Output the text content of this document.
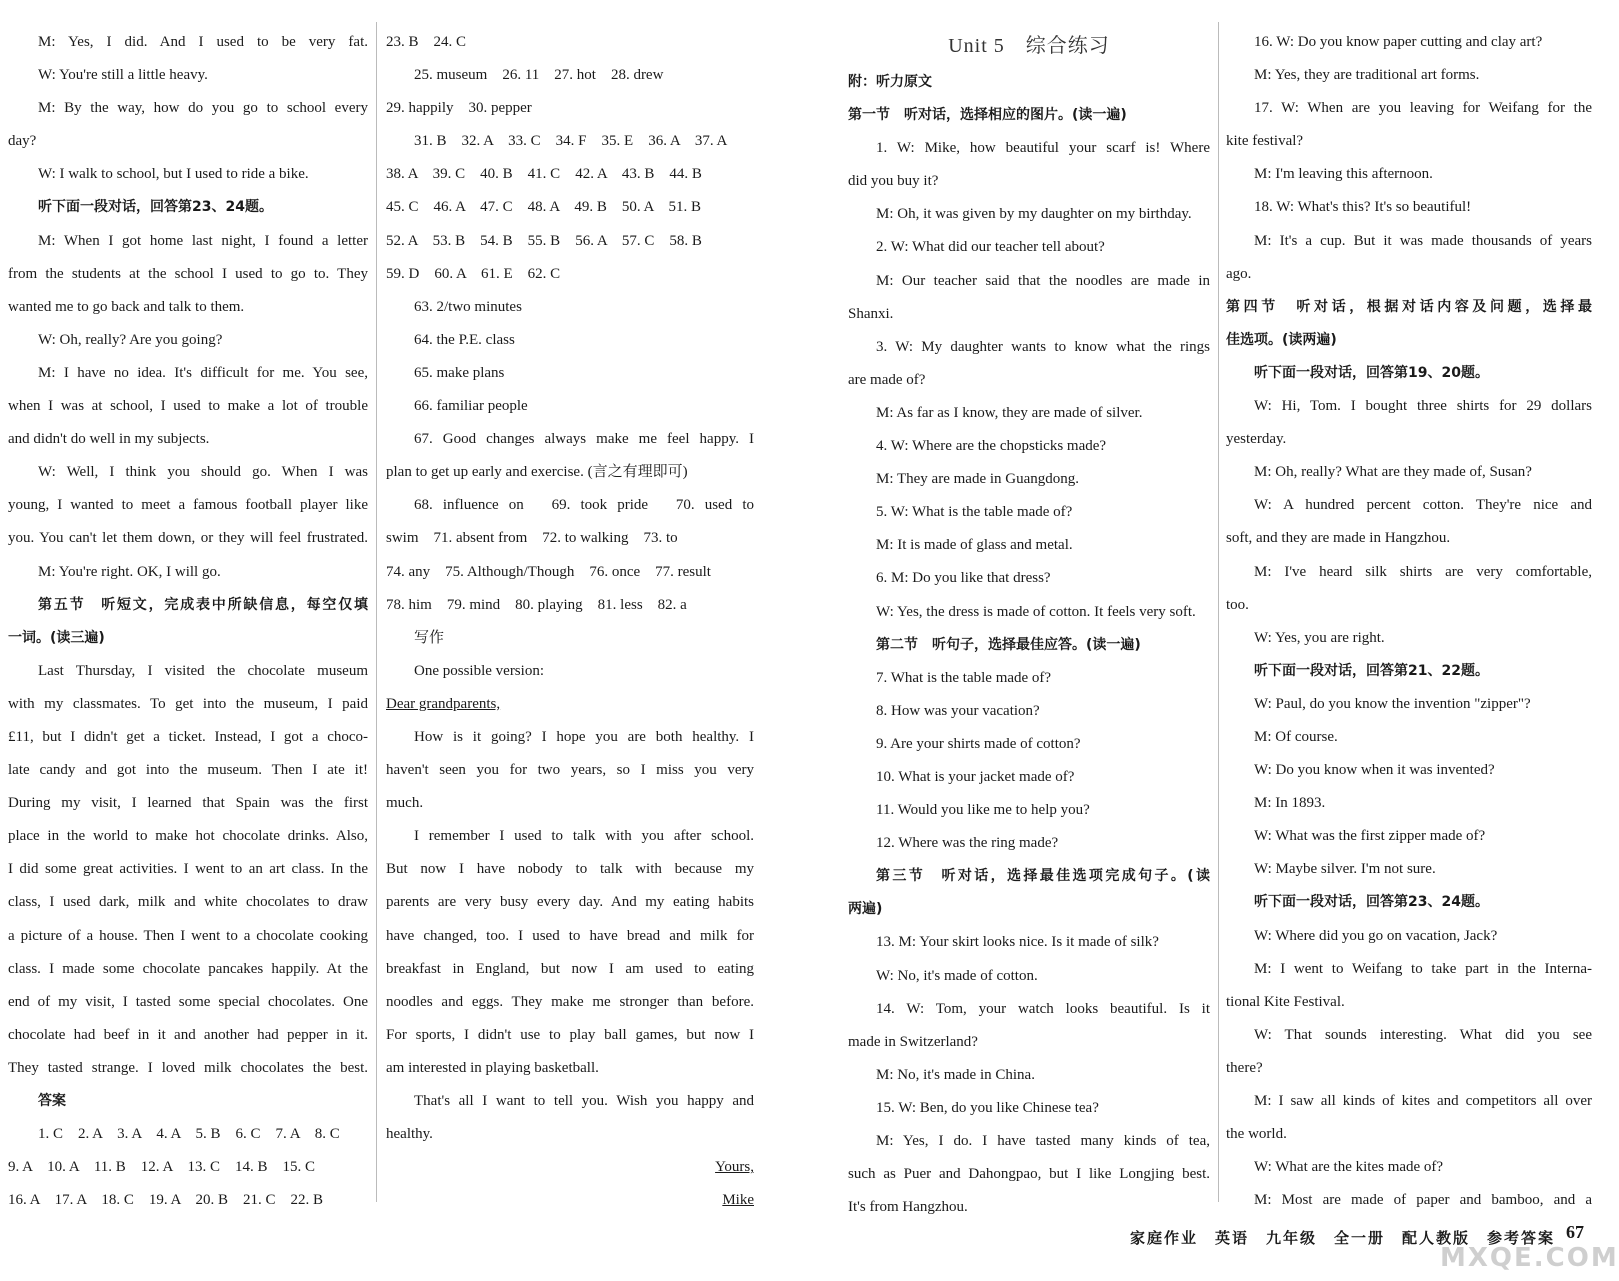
M: Yes, I did. And I used to be very fat.
W: You're still a little heavy.
M: By the way, how do you go to school every
day?
W: I walk to school, but I used to ride a bike.
听下面一段对话，回答第23、24题。
M: When I got home last night, I found a letter
from the students at the school I used to go to. They
wanted me to go back and talk to them.
W: Oh, really? Are you going?
M: I have no idea. It's difficult for me. You see,
when I was at school, I used to make a lot of trouble
and didn't do well in my subjects.
W: Well, I think you should go. When I was
young, I wanted to meet a famous football player like
you. You can't let them down, or they will feel frustrated.
M: You're right. OK, I will go.
第五节　听短文，完成表中所缺信息，每空仅填
一词。(读三遍)
Last Thursday, I visited the chocolate museum
with my classmates. To get into the museum, I paid
£11, but I didn't get a ticket. Instead, I got a choco-
late candy and got into the museum. Then I ate it!
During my visit, I learned that Spain was the first
place in the world to make hot chocolate drinks. Also,
I did some great activities. I went to an art class. In the
class, I used dark, milk and white chocolates to draw
a picture of a house. Then I went to a chocolate cooking
class. I made some chocolate pancakes happily. At the
end of my visit, I tasted some special chocolates. One
chocolate had beef in it and another had pepper in it.
They tasted strange. I loved milk chocolates the best.
答案
1. C　2. A　3. A　4. A　5. B　6. C　7. A　8. C
9. A　10. A　11. B　12. A　13. C　14. B　15. C
16. A　17. A　18. C　19. A　20. B　21. C　22. B
23. B　24. C
25. museum　26. 11　27. hot　28. drew
29. happily　30. pepper
31. B　32. A　33. C　34. F　35. E　36. A　37. A
38. A　39. C　40. B　41. C　42. A　43. B　44. B
45. C　46. A　47. C　48. A　49. B　50. A　51. B
52. A　53. B　54. B　55. B　56. A　57. C　58. B
59. D　60. A　61. E　62. C
63. 2/two minutes
64. the P.E. class
65. make plans
66. familiar people
67. Good changes always make me feel happy. I
plan to get up early and exercise. (言之有理即可)
68. influence on　69. took pride　70. used to
swim　71. absent from　72. to walking　73. to
74. any　75. Although/Though　76. once　77. result
78. him　79. mind　80. playing　81. less　82. a
写作
One possible version:
Dear grandparents,
How is it going? I hope you are both healthy. I
haven't seen you for two years, so I miss you very
much.
I remember I used to talk with you after school.
But now I have nobody to talk with because my
parents are very busy every day. And my eating habits
have changed, too. I used to have bread and milk for
breakfast in England, but now I am used to eating
noodles and eggs. They make me stronger than before.
For sports, I didn't use to play ball games, but now I
am interested in playing basketball.
That's all I want to tell you. Wish you happy and
healthy.
Yours,
Mike
Unit 5　综合练习
附：听力原文
第一节　听对话，选择相应的图片。(读一遍)
1. W: Mike, how beautiful your scarf is! Where
did you buy it?
M: Oh, it was given by my daughter on my birthday.
2. W: What did our teacher tell about?
M: Our teacher said that the noodles are made in
Shanxi.
3. W: My daughter wants to know what the rings
are made of?
M: As far as I know, they are made of silver.
4. W: Where are the chopsticks made?
M: They are made in Guangdong.
5. W: What is the table made of?
M: It is made of glass and metal.
6. M: Do you like that dress?
W: Yes, the dress is made of cotton. It feels very soft.
第二节　听句子，选择最佳应答。(读一遍)
7. What is the table made of?
8. How was your vacation?
9. Are your shirts made of cotton?
10. What is your jacket made of?
11. Would you like me to help you?
12. Where was the ring made?
第三节　听对话，选择最佳选项完成句子。(读
两遍)
13. M: Your skirt looks nice. Is it made of silk?
W: No, it's made of cotton.
14. W: Tom, your watch looks beautiful. Is it
made in Switzerland?
M: No, it's made in China.
15. W: Ben, do you like Chinese tea?
M: Yes, I do. I have tasted many kinds of tea,
such as Puer and Dahongpao, but I like Longjing best.
It's from Hangzhou.
16. W: Do you know paper cutting and clay art?
M: Yes, they are traditional art forms.
17. W: When are you leaving for Weifang for the
kite festival?
M: I'm leaving this afternoon.
18. W: What's this? It's so beautiful!
M: It's a cup. But it was made thousands of years
ago.
第四节　听对话，根据对话内容及问题，选择最
佳选项。(读两遍)
听下面一段对话，回答第19、20题。
W: Hi, Tom. I bought three shirts for 29 dollars
yesterday.
M: Oh, really? What are they made of, Susan?
W: A hundred percent cotton. They're nice and
soft, and they are made in Hangzhou.
M: I've heard silk shirts are very comfortable,
too.
W: Yes, you are right.
听下面一段对话，回答第21、22题。
W: Paul, do you know the invention "zipper"?
M: Of course.
W: Do you know when it was invented?
M: In 1893.
W: What was the first zipper made of?
W: Maybe silver. I'm not sure.
听下面一段对话，回答第23、24题。
W: Where did you go on vacation, Jack?
M: I went to Weifang to take part in the Interna-
tional Kite Festival.
W: That sounds interesting. What did you see
there?
M: I saw all kinds of kites and competitors all over
the world.
W: What are the kites made of?
M: Most are made of paper and bamboo, and a
家庭作业　英语　九年级　全一册　配人教版　参考答案 67
MXQE.COM
